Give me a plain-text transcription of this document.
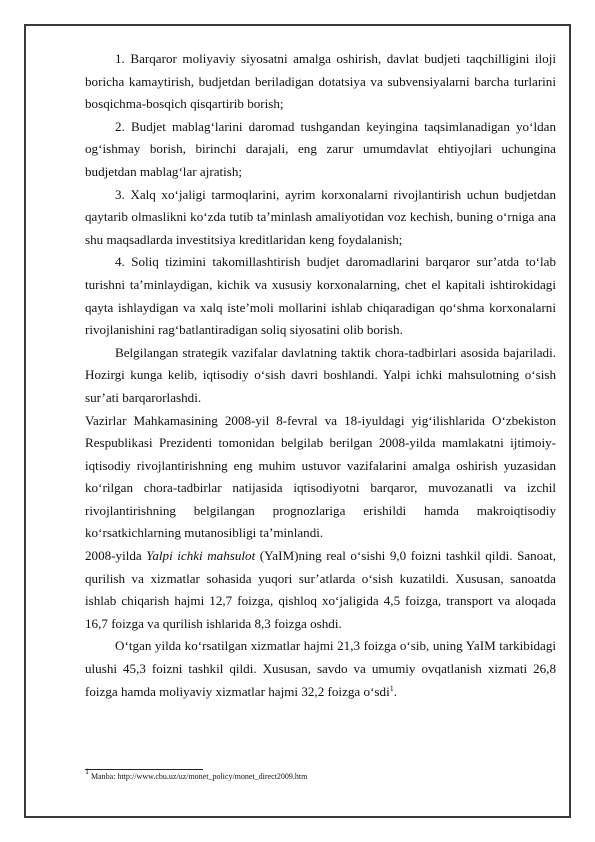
1. Barqaror moliyaviy siyosatni amalga oshirish, davlat budjeti taqchilligini iloji boricha kamaytirish, budjetdan beriladigan dotatsiya va subvensiyalarni barcha turlarini bosqichma-bosqich qisqartirib borish;

2. Budjet mablag‘larini daromad tushgandan keyingina taqsimlanadigan yo‘ldan og‘ishmay borish, birinchi darajali, eng zarur umumdavlat ehtiyojlari uchungina budjetdan mablag‘lar ajratish;

3. Xalq xo‘jaligi tarmoqlarini, ayrim korxonalarni rivojlantirish uchun budjetdan qaytarib olmaslikni ko‘zda tutib ta’minlash amaliyotidan voz kechish, buning o‘rniga ana shu maqsadlarda investitsiya kreditlaridan keng foydalanish;

4. Soliq tizimini takomillashtirish budjet daromadlarini barqaror sur’atda to‘lab turishni ta’minlaydigan, kichik va xususiy korxonalarning, chet el kapitali ishtirokidagi qayta ishlaydigan va xalq iste’moli mollarini ishlab chiqaradigan qo‘shma korxonalarni rivojlanishini rag‘batlantiradigan soliq siyosatini olib borish.

Belgilangan strategik vazifalar davlatning taktik chora-tadbirlari asosida bajariladi. Hozirgi kunga kelib, iqtisodiy o‘sish davri boshlandi. Yalpi ichki mahsulotning o‘sish sur’ati barqarorlashdi.

Vazirlar Mahkamasining 2008-yil 8-fevral va 18-iyuldagi yig‘ilishlarida O‘zbekiston Respublikasi Prezidenti tomonidan belgilab berilgan 2008-yilda mamlakatni ijtimoiy-iqtisodiy rivojlantirishning eng muhim ustuvor vazifalarini amalga oshirish yuzasidan ko‘rilgan chora-tadbirlar natijasida iqtisodiyotni barqaror, muvozanatli va izchil rivojlantirishning belgilangan prognozlariga erishildi hamda makroiqtisodiy ko‘rsatkichlarning mutanosibligi ta’minlandi.

2008-yilda Yalpi ichki mahsulot (YaIM)ning real o‘sishi 9,0 foizni tashkil qildi. Sanoat, qurilish va xizmatlar sohasida yuqori sur’atlarda o‘sish kuzatildi. Xususan, sanoatda ishlab chiqarish hajmi 12,7 foizga, qishloq xo‘jaligida 4,5 foizga, transport va aloqada 16,7 foizga va qurilish ishlarida 8,3 foizga oshdi.

O‘tgan yilda ko‘rsatilgan xizmatlar hajmi 21,3 foizga o‘sib, uning YaIM tarkibidagi ulushi 45,3 foizni tashkil qildi. Xususan, savdo va umumiy ovqatlanish xizmati 26,8 foizga hamda moliyaviy xizmatlar hajmi 32,2 foizga o‘sdi$^1$.

$^1$ Manba: http://www.cbu.uz/uz/monet_policy/monet_direct2009.htm
